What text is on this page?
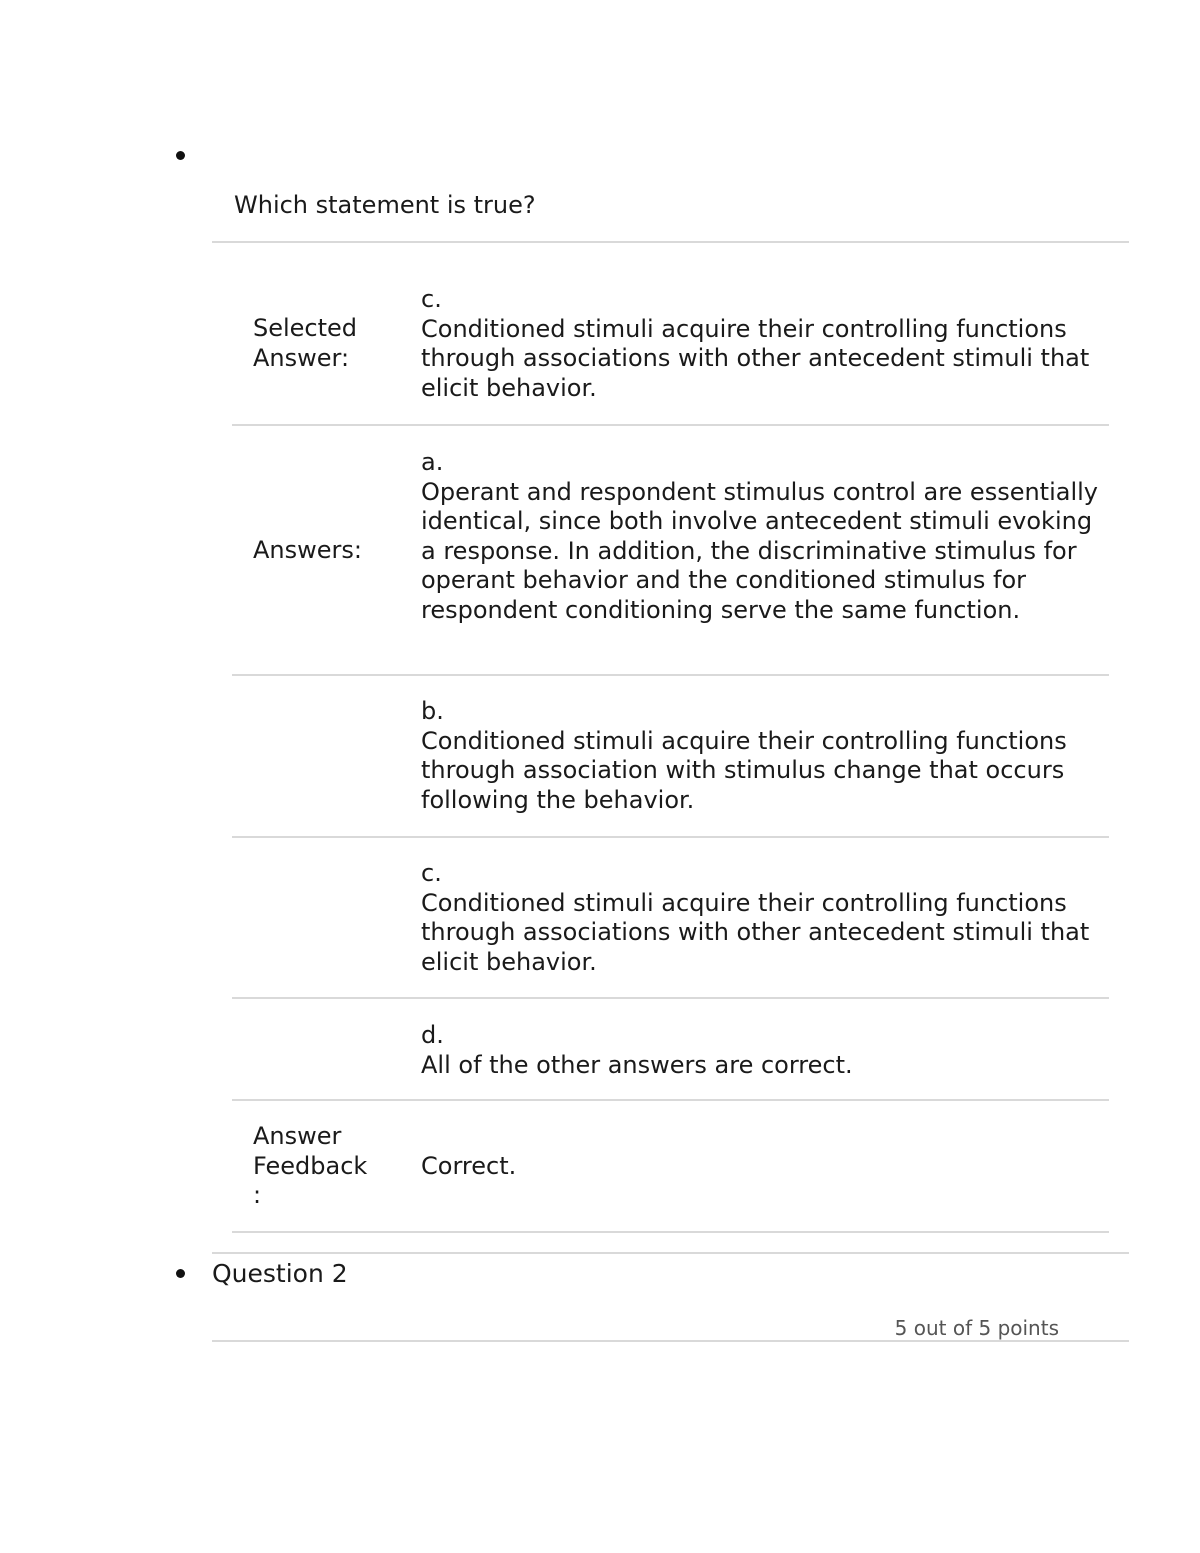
Which statement is true?
Selected Answer:
c.
Conditioned stimuli acquire their controlling functions through associations with other antecedent stimuli that elicit behavior.
Answers:
a.
Operant and respondent stimulus control are essentially identical, since both involve antecedent stimuli evoking a response. In addition, the discriminative stimulus for operant behavior and the conditioned stimulus for respondent conditioning serve the same function.
b.
Conditioned stimuli acquire their controlling functions through association with stimulus change that occurs following the behavior.
c.
Conditioned stimuli acquire their controlling functions through associations with other antecedent stimuli that elicit behavior.
d.
All of the other answers are correct.
Answer Feedback :
Correct.
Question 2
5 out of 5 points
